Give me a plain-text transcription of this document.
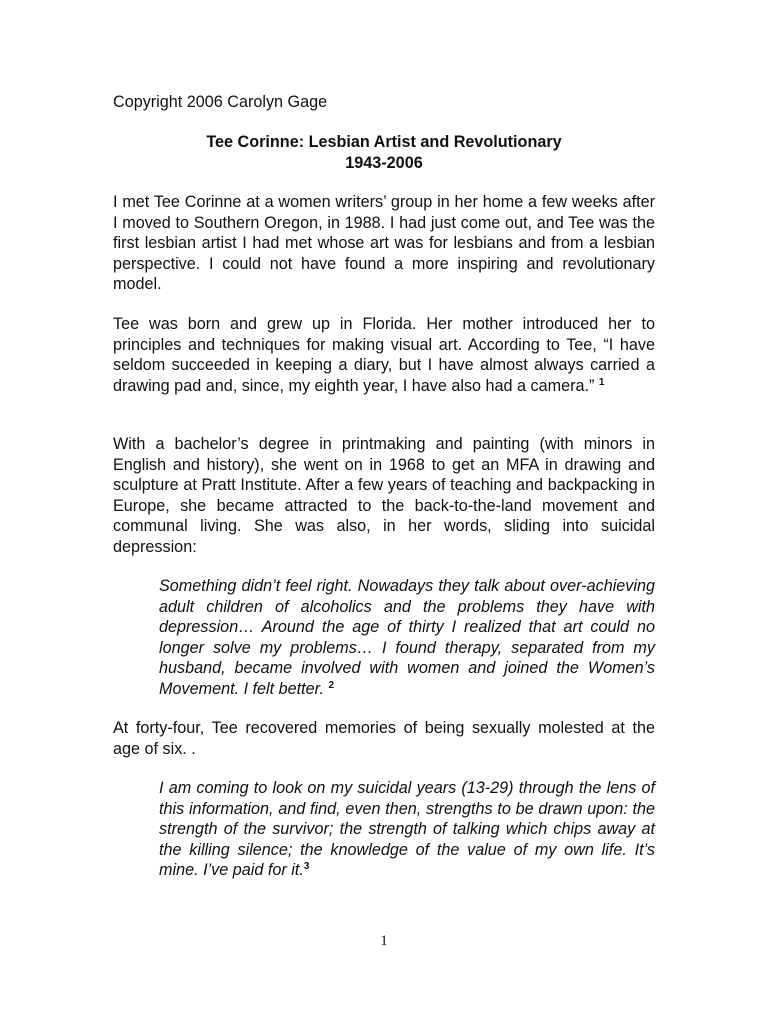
Copyright 2006 Carolyn Gage

Tee Corinne: Lesbian Artist and Revolutionary
1943-2006

I met Tee Corinne at a women writers’ group in her home a few weeks after I moved to Southern Oregon, in 1988. I had just come out, and Tee was the first lesbian artist I had met whose art was for lesbians and from a lesbian perspective. I could not have found a more inspiring and revolutionary model.

Tee was born and grew up in Florida. Her mother introduced her to principles and techniques for making visual art. According to Tee, “I have seldom succeeded in keeping a diary, but I have almost always carried a drawing pad and, since, my eighth year, I have also had a camera.” $^1$

With a bachelor’s degree in printmaking and painting (with minors in English and history), she went on in 1968 to get an MFA in drawing and sculpture at Pratt Institute. After a few years of teaching and backpacking in Europe, she became attracted to the back-to-the-land movement and communal living. She was also, in her words, sliding into suicidal depression:

Something didn’t feel right. Nowadays they talk about over-achieving adult children of alcoholics and the problems they have with depression… Around the age of thirty I realized that art could no longer solve my problems… I found therapy, separated from my husband, became involved with women and joined the Women’s Movement. I felt better. $^2$

At forty-four, Tee recovered memories of being sexually molested at the age of six. .

I am coming to look on my suicidal years (13-29) through the lens of this information, and find, even then, strengths to be drawn upon: the strength of the survivor; the strength of talking which chips away at the killing silence; the knowledge of the value of my own life. It’s mine. I’ve paid for it.$^3$

1
